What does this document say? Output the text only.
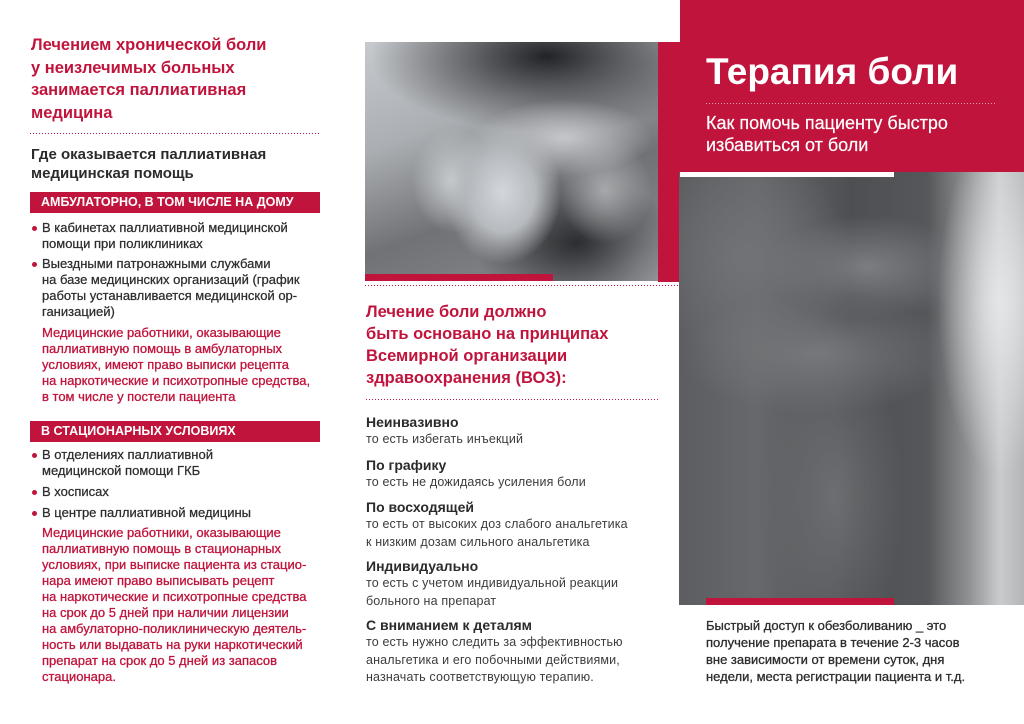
Лечением хронической боли
у неизлечимых больных
занимается паллиативная
медицина
Где оказывается паллиативная
медицинская помощь
АМБУЛАТОРНО, В ТОМ ЧИСЛЕ НА ДОМУ
В кабинетах паллиативной медицинской
помощи при поликлиниках
Выездными патронажными службами
на базе медицинских организаций (график
работы устанавливается медицинской ор-
ганизацией)
Медицинские работники, оказывающие
паллиативную помощь в амбулаторных
условиях, имеют право выписки рецепта
на наркотические и психотропные средства,
в том числе у постели пациента
В СТАЦИОНАРНЫХ УСЛОВИЯХ
В отделениях паллиативной
медицинской помощи ГКБ
В хосписах
В центре паллиативной медицины
Медицинские работники, оказывающие
паллиативную помощь в стационарных
условиях, при выписке пациента из стацио-
нара имеют право выписывать рецепт
на наркотические и психотропные средства
на срок до 5 дней при наличии лицензии
на амбулаторно-поликлиническую деятель-
ность или выдавать на руки наркотический
препарат на срок до 5 дней из запасов
стационара.
Лечение боли должно
быть основано на принципах
Всемирной организации
здравоохранения (ВОЗ):
Неинвазивно
то есть избегать инъекций
По графику
то есть не дожидаясь усиления боли
По восходящей
то есть от высоких доз слабого анальгетика
к низким дозам сильного анальгетика
Индивидуально
то есть с учетом индивидуальной реакции
больного на препарат
С вниманием к деталям
то есть нужно следить за эффективностью
анальгетика и его побочными действиями,
назначать соответствующую терапию.
Терапия боли
Как помочь пациенту быстро
избавиться от боли
Быстрый доступ к обезболиванию _ это
получение препарата в течение 2-3 часов
вне зависимости от времени суток, дня
недели, места регистрации пациента и т.д.
